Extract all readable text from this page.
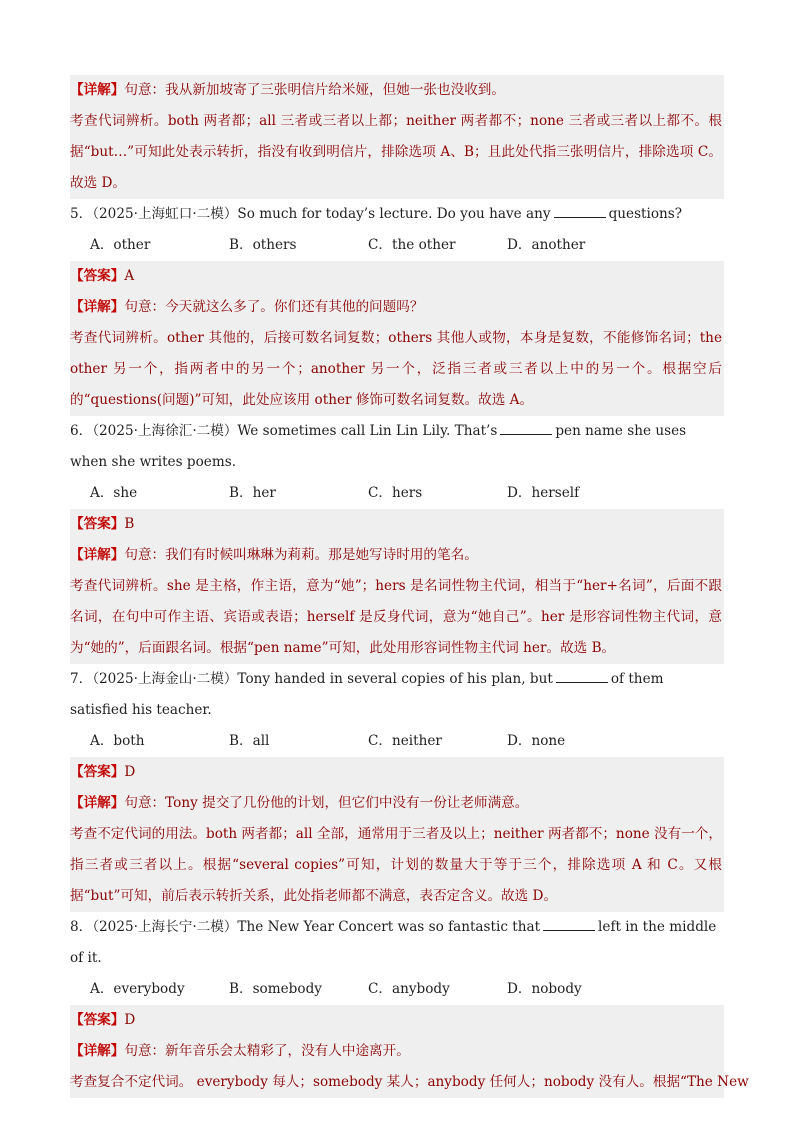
【详解】句意：我从新加坡寄了三张明信片给米娅，但她一张也没收到。
考查代词辨析。both 两者都；all 三者或三者以上都；neither 两者都不；none 三者或三者以上都不。根据“but…”可知此处表示转折，指没有收到明信片，排除选项 A、B；且此处代指三张明信片，排除选项 C。故选 D。
5．（2025·上海虹口·二模）So much for today’s lecture. Do you have any	questions?
A．other	B．others	C．the other	D．another
【答案】A
【详解】句意：今天就这么多了。你们还有其他的问题吗？
考查代词辨析。other 其他的，后接可数名词复数；others 其他人或物，本身是复数，不能修饰名词；the other 另一个，指两者中的另一个；another 另一个，泛指三者或三者以上中的另一个。根据空后的“questions(问题)”可知，此处应该用 other 修饰可数名词复数。故选 A。
6．（2025·上海徐汇·二模）We sometimes call Lin Lin Lily. That’s	pen name she uses when she writes poems.
A．she	B．her	C．hers	D．herself
【答案】B
【详解】句意：我们有时候叫琳琳为莉莉。那是她写诗时用的笔名。
考查代词辨析。she 是主格，作主语，意为“她”；hers 是名词性物主代词，相当于“her+名词”，后面不跟名词，在句中可作主语、宾语或表语；herself 是反身代词，意为“她自己”。her 是形容词性物主代词，意为“她的”，后面跟名词。根据“pen name”可知，此处用形容词性物主代词 her。故选 B。
7．（2025·上海金山·二模）Tony handed in several copies of his plan, but	of them satisfied his teacher.
A．both	B．all	C．neither	D．none
【答案】D
【详解】句意：Tony 提交了几份他的计划，但它们中没有一份让老师满意。
考查不定代词的用法。both 两者都；all 全部，通常用于三者及以上；neither 两者都不；none 没有一个，指三者或三者以上。根据“several copies”可知，计划的数量大于等于三个，排除选项 A 和 C。又根据“but”可知，前后表示转折关系，此处指老师都不满意，表否定含义。故选 D。
8．（2025·上海长宁·二模）The New Year Concert was so fantastic that	left in the middle of it.
A．everybody	B．somebody	C．anybody	D．nobody
【答案】D
【详解】句意：新年音乐会太精彩了，没有人中途离开。
考查复合不定代词。 everybody 每人；somebody 某人；anybody 任何人；nobody 没有人。根据“The New
